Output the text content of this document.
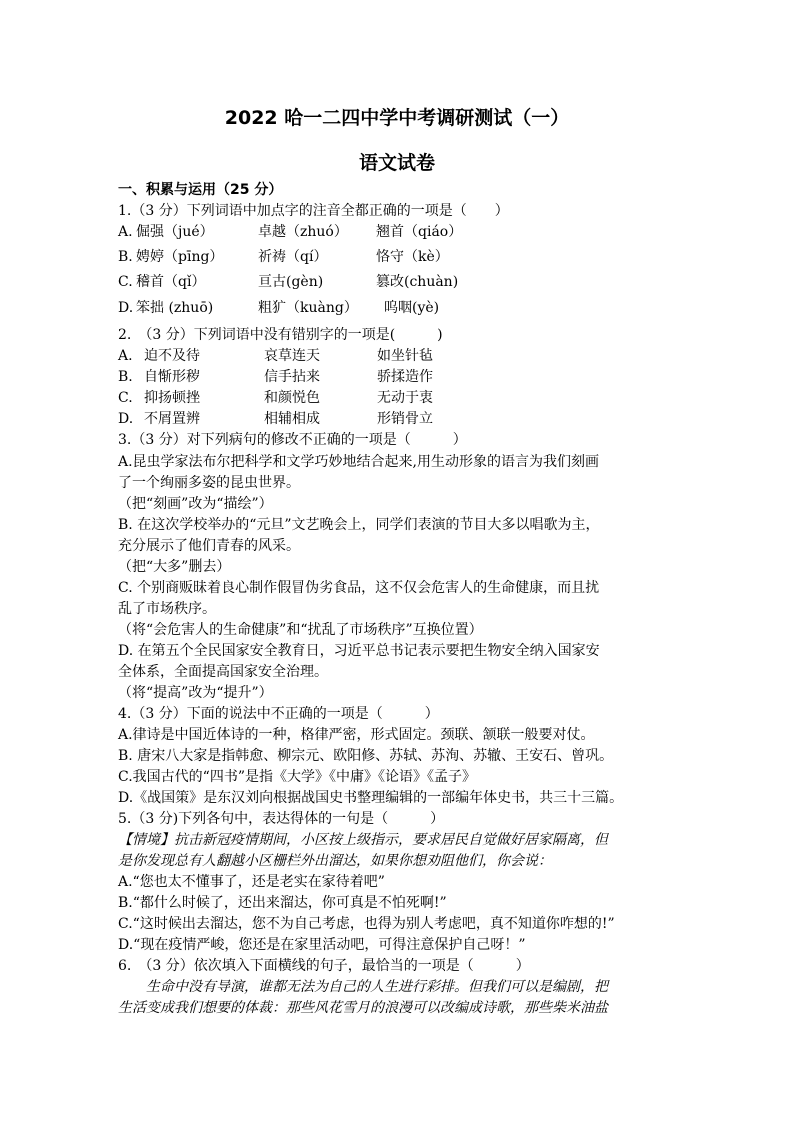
2022 哈一二四中学中考调研测试（一）
语文试卷
一、积累与运用（25 分）
1.（3 分）下列词语中加点字的注音全都正确的一项是（　　）
A. 倔强（jué）	卓越（zhuó） 翘首（qiáo）
B. 娉婷（pīng） 祈祷（qí）	恪守（kè）
C. 稽首（qǐ）	亘古(gèn)	篡改(chuàn)
D. 笨拙 (zhuō)	粗犷（kuàng） 呜咽(yè)
2.　（3 分）下列词语中没有错别字的一项是(　　　)
A. 迫不及待	哀草连天	如坐针毡
B. 自惭形秽	信手拈来	骄揉造作
C. 抑扬顿挫	和颜悦色	无动于衷
D. 不屑置辨	相辅相成	形销骨立
3.（3 分）对下列病句的修改不正确的一项是（　　　）
A.昆虫学家法布尔把科学和文学巧妙地结合起来,用生动形象的语言为我们刻画
了一个绚丽多姿的昆虫世界。
（把“刻画”改为“描绘”）
B. 在这次学校举办的“元旦”文艺晚会上，同学们表演的节目大多以唱歌为主，
充分展示了他们青春的风采。
（把“大多”删去）
C. 个别商贩昧着良心制作假冒伪劣食品，这不仅会危害人的生命健康，而且扰
乱了市场秩序。
（将“会危害人的生命健康”和“扰乱了市场秩序”互换位置）
D. 在第五个全民国家安全教育日，习近平总书记表示要把生物安全纳入国家安
全体系，全面提高国家安全治理。
（将“提高”改为“提升”）
4.（3 分）下面的说法中不正确的一项是（　　　）
A.律诗是中国近体诗的一种，格律严密，形式固定。颈联、颔联一般要对仗。
B. 唐宋八大家是指韩愈、柳宗元、欧阳修、苏轼、苏洵、苏辙、王安石、曾巩。
C.我国古代的“四书”是指《大学》《中庸》《论语》《孟子》
D.《战国策》是东汉刘向根据战国史书整理编辑的一部编年体史书，共三十三篇。
5.（3 分)下列各句中，表达得体的一句是（　　　）
【情境】抗击新冠疫情期间，小区按上级指示，要求居民自觉做好居家隔离，但
是你发现总有人翻越小区栅栏外出溜达，如果你想劝阻他们，你会说：
A.“您也太不懂事了，还是老实在家待着吧”
B.“都什么时候了，还出来溜达，你可真是不怕死啊!”
C.“这时候出去溜达，您不为自己考虑，也得为别人考虑吧，真不知道你咋想的!”
D.“现在疫情严峻，您还是在家里活动吧，可得注意保护自己呀！”
6.　（3 分）依次填入下面横线的句子，最恰当的一项是（　　　）
　　生命中没有导演，谁都无法为自己的人生进行彩排。但我们可以是编剧，把
生活变成我们想要的体裁：那些风花雪月的浪漫可以改编成诗歌，那些柴米油盐
